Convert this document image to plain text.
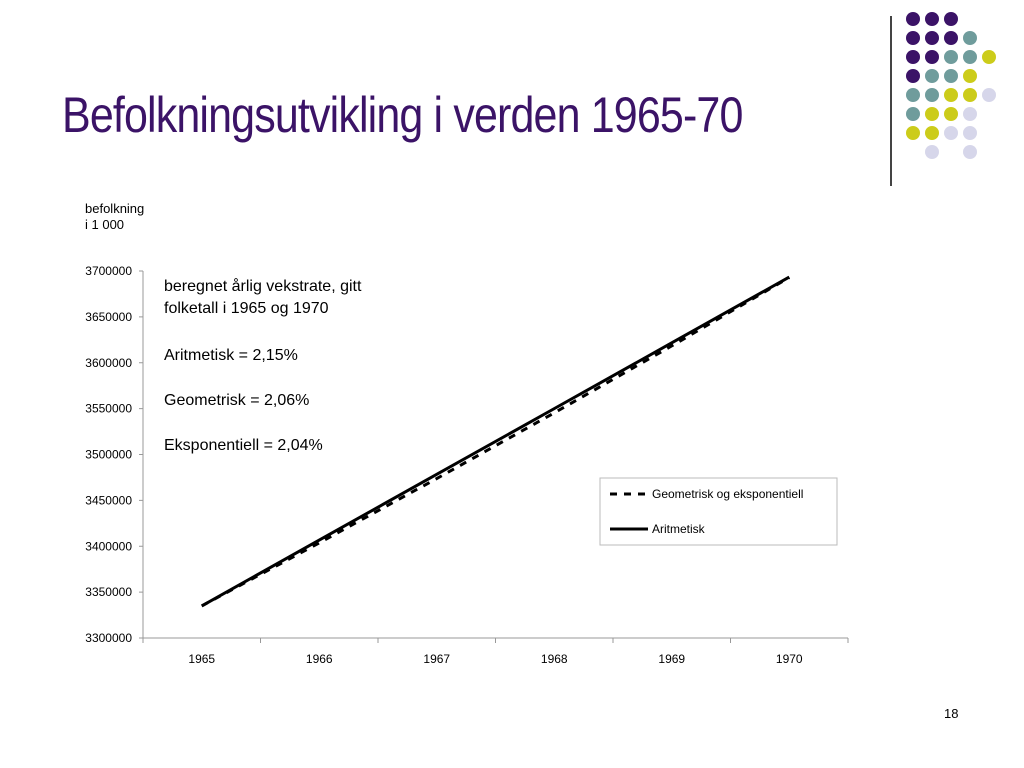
Befolkningsutvikling i verden 1965-70
befolkning
i 1 000
3300000
3350000
3400000
3450000
3500000
3550000
3600000
3650000
3700000
1965	1966	1967	1968	1969	1970
beregnet årlig vekstrate, gitt
folketall i 1965 og 1970
Aritmetisk = 2,15%
Geometrisk = 2,06%
Eksponentiell = 2,04%
Geometrisk og eksponentiell
Aritmetisk
18
